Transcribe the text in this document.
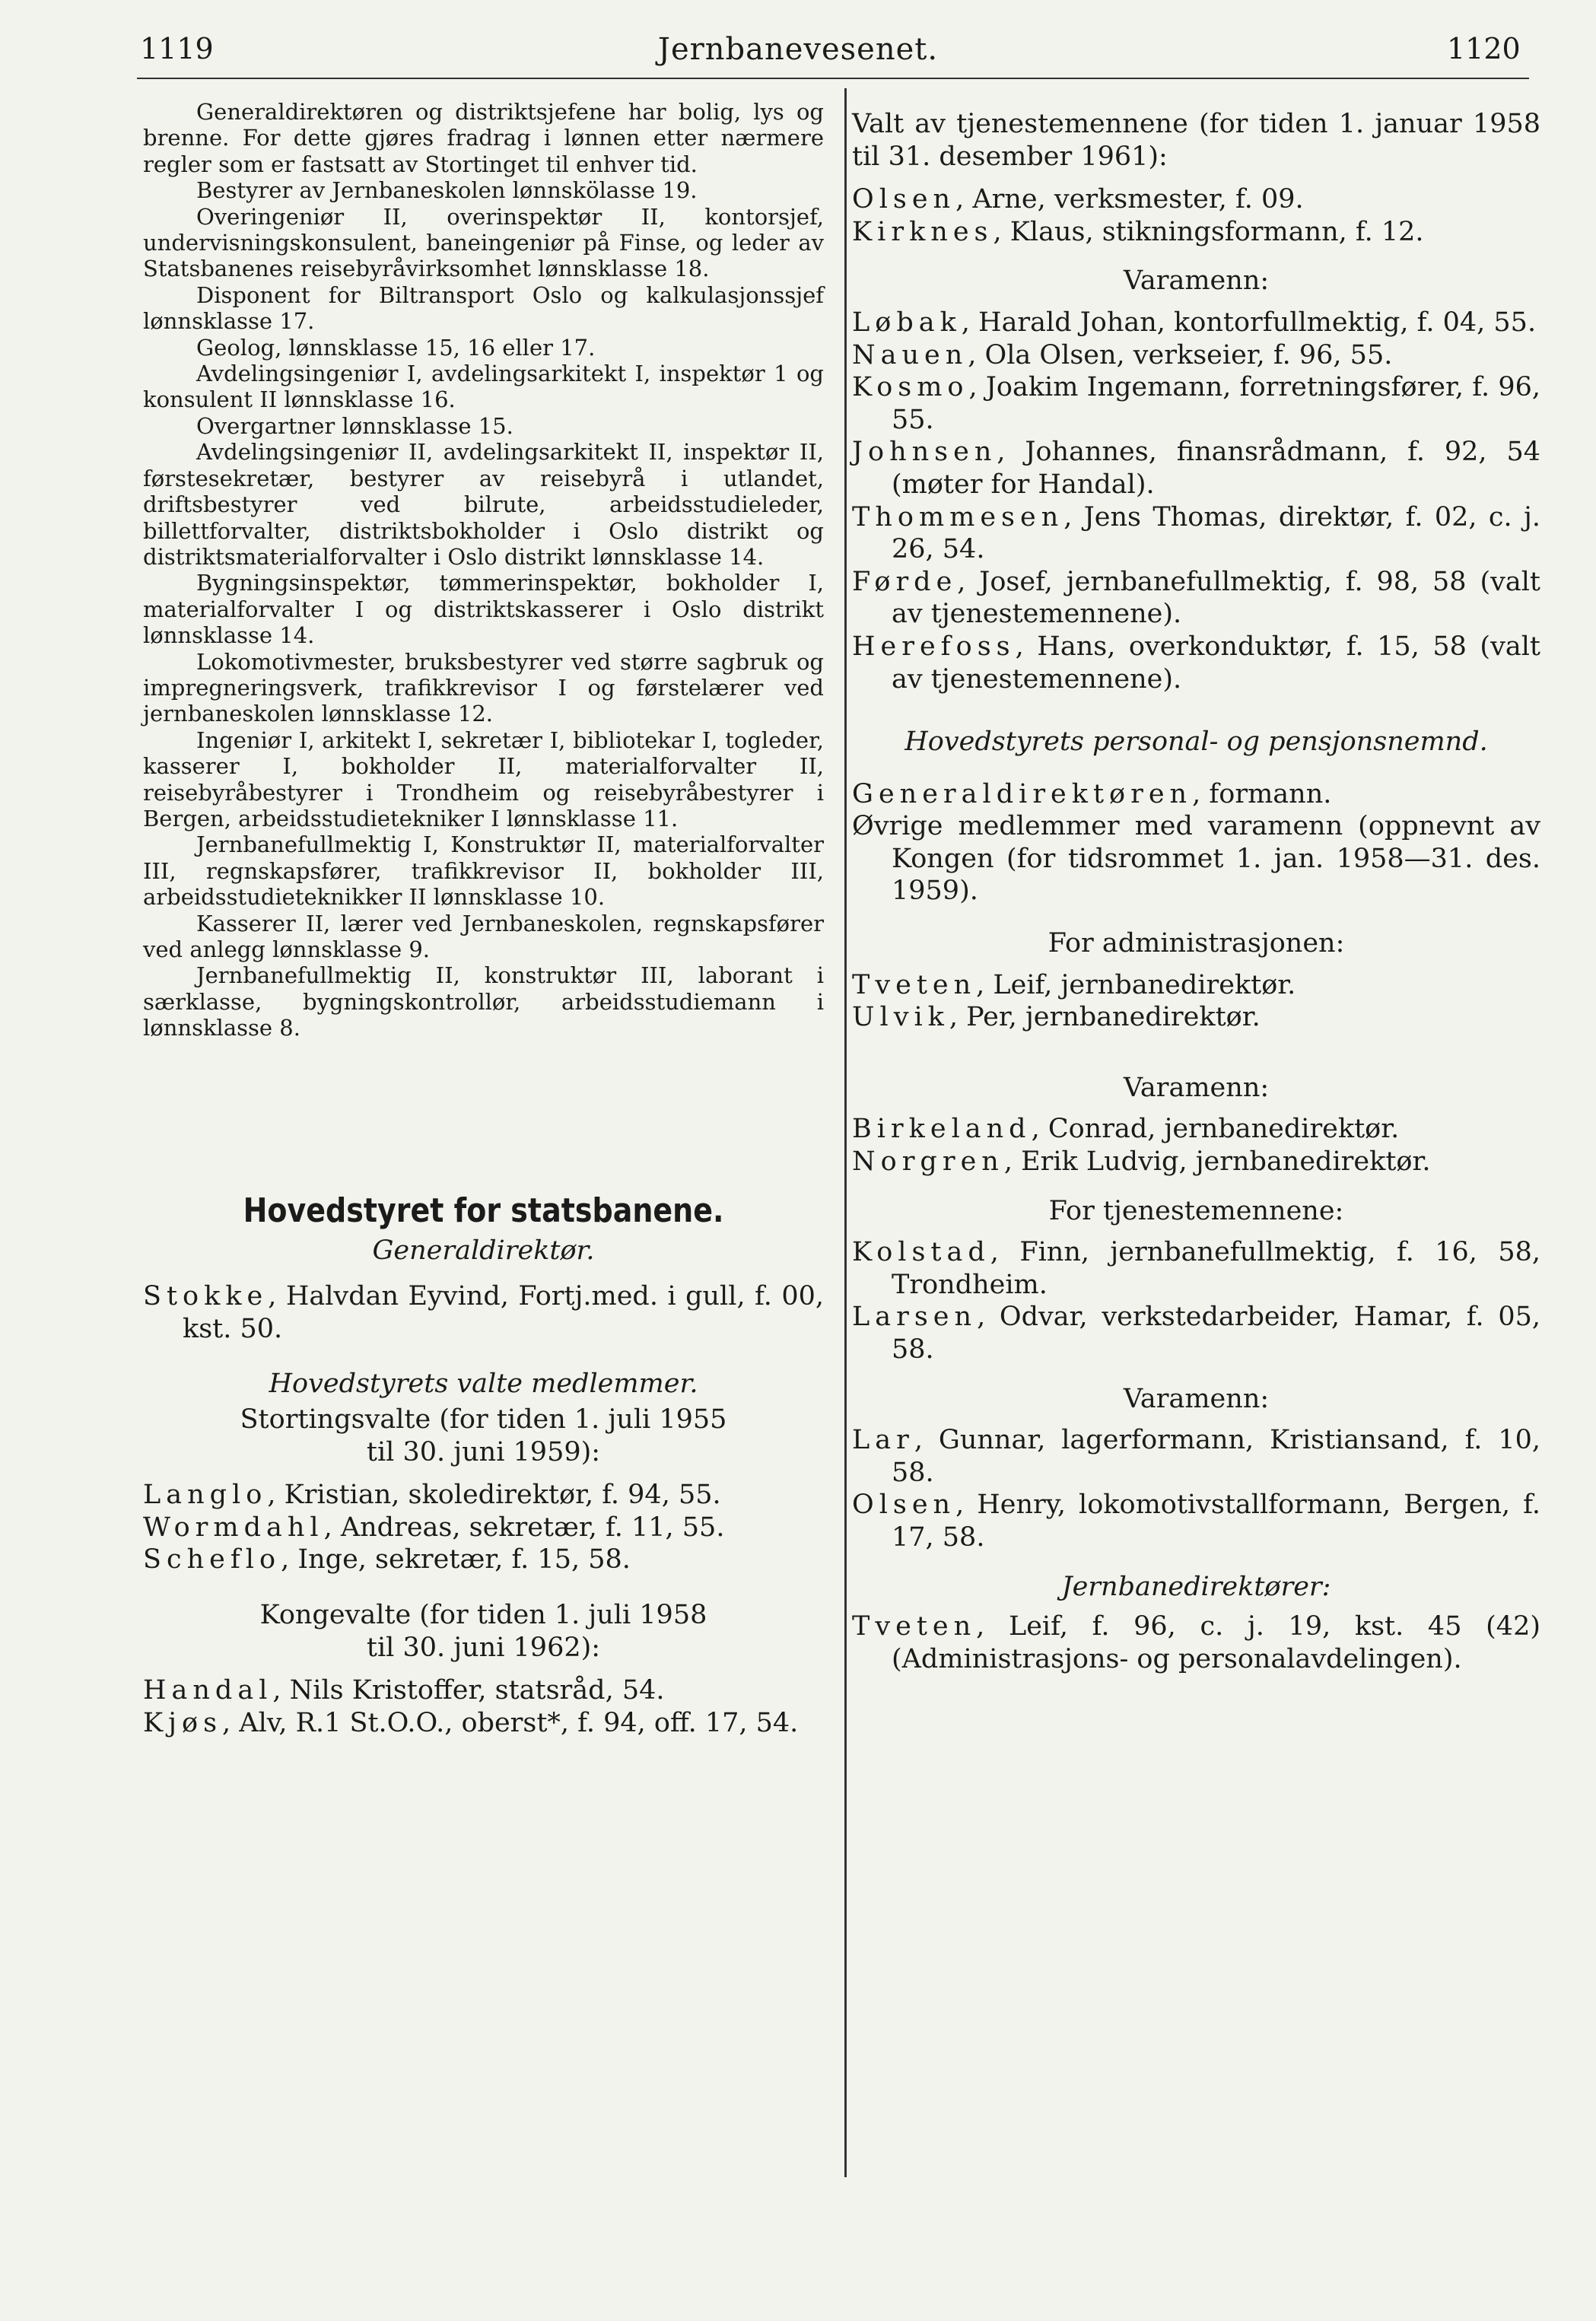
1119	Jernbanevesenet.	1120

Generaldirektøren og distriktsjefene har bolig, lys og brenne. For dette gjøres fradrag i lønnen etter nærmere regler som er fastsatt av Stortinget til enhver tid.

Bestyrer av Jernbaneskolen lønnskölasse 19.

Overingeniør II, overinspektør II, kontorsjef, undervisningskonsulent, baneingeniør på Finse, og leder av Statsbanenes reisebyråvirksomhet lønnsklasse 18.

Disponent for Biltransport Oslo og kalkulasjonssjef lønnsklasse 17.

Geolog, lønnsklasse 15, 16 eller 17.

Avdelingsingeniør I, avdelingsarkitekt I, inspektør 1 og konsulent II lønnsklasse 16.

Overgartner lønnsklasse 15.

Avdelingsingeniør II, avdelingsarkitekt II, inspektør II, førstesekretær, bestyrer av reisebyrå i utlandet, driftsbestyrer ved bilrute, arbeidsstudieleder, billettforvalter, distriktsbokholder i Oslo distrikt og distriktsmaterialforvalter i Oslo distrikt lønnsklasse 14.

Bygningsinspektør, tømmerinspektør, bokholder I, materialforvalter I og distriktskasserer i Oslo distrikt lønnsklasse 14.

Lokomotivmester, bruksbestyrer ved større sagbruk og impregneringsverk, trafikkrevisor I og førstelærer ved jernbaneskolen lønnsklasse 12.

Ingeniør I, arkitekt I, sekretær I, bibliotekar I, togleder, kasserer I, bokholder II, materialforvalter II, reisebyråbestyrer i Trondheim og reisebyråbestyrer i Bergen, arbeidsstudietekniker I lønnsklasse 11.

Jernbanefullmektig I, Konstruktør II, materialforvalter III, regnskapsfører, trafikkrevisor II, bokholder III, arbeidsstudieteknikker II lønnsklasse 10.

Kasserer II, lærer ved Jernbaneskolen, regnskapsfører ved anlegg lønnsklasse 9.

Jernbanefullmektig II, konstruktør III, laborant i særklasse, bygningskontrollør, arbeidsstudiemann i lønnsklasse 8.

Hovedstyret for statsbanene.

Generaldirektør.

Stokke, Halvdan Eyvind, Fortj.med. i gull, f. 00, kst. 50.

Hovedstyrets valte medlemmer.

Stortingsvalte (for tiden 1. juli 1955

til 30. juni 1959):

Langlo, Kristian, skoledirektør, f. 94, 55.

Wormdahl, Andreas, sekretær, f. 11, 55.

Scheflo, Inge, sekretær, f. 15, 58.

Kongevalte (for tiden 1. juli 1958

til 30. juni 1962):

Handal, Nils Kristoffer, statsråd, 54.

Kjøs, Alv, R.1 St.O.O., oberst*, f. 94, off. 17, 54.

Valt av tjenestemennene (for tiden 1. januar 1958 til 31. desember 1961):

Olsen, Arne, verksmester, f. 09.

Kirknes, Klaus, stikningsformann, f. 12.

Varamenn:

Løbak, Harald Johan, kontorfullmektig, f. 04, 55.

Nauen, Ola Olsen, verkseier, f. 96, 55.

Kosmo, Joakim Ingemann, forretningsfører, f. 96, 55.

Johnsen, Johannes, finansrådmann, f. 92, 54 (møter for Handal).

Thommesen, Jens Thomas, direktør, f. 02, c. j. 26, 54.

Førde, Josef, jernbanefullmektig, f. 98, 58 (valt av tjenestemennene).

Herefoss, Hans, overkonduktør, f. 15, 58 (valt av tjenestemennene).

Hovedstyrets personal- og pensjonsnemnd.

Generaldirektøren, formann.

Øvrige medlemmer med varamenn (oppnevnt av Kongen (for tidsrommet 1. jan. 1958—31. des. 1959).

For administrasjonen:

Tveten, Leif, jernbanedirektør.

Ulvik, Per, jernbanedirektør.

Varamenn:

Birkeland, Conrad, jernbanedirektør.

Norgren, Erik Ludvig, jernbanedirektør.

For tjenestemennene:

Kolstad, Finn, jernbanefullmektig, f. 16, 58, Trondheim.

Larsen, Odvar, verkstedarbeider, Hamar, f. 05, 58.

Varamenn:

Lar, Gunnar, lagerformann, Kristiansand, f. 10, 58.

Olsen, Henry, lokomotivstallformann, Bergen, f. 17, 58.

Jernbanedirektører:

Tveten, Leif, f. 96, c. j. 19, kst. 45 (42) (Administrasjons- og personalavdelingen).
